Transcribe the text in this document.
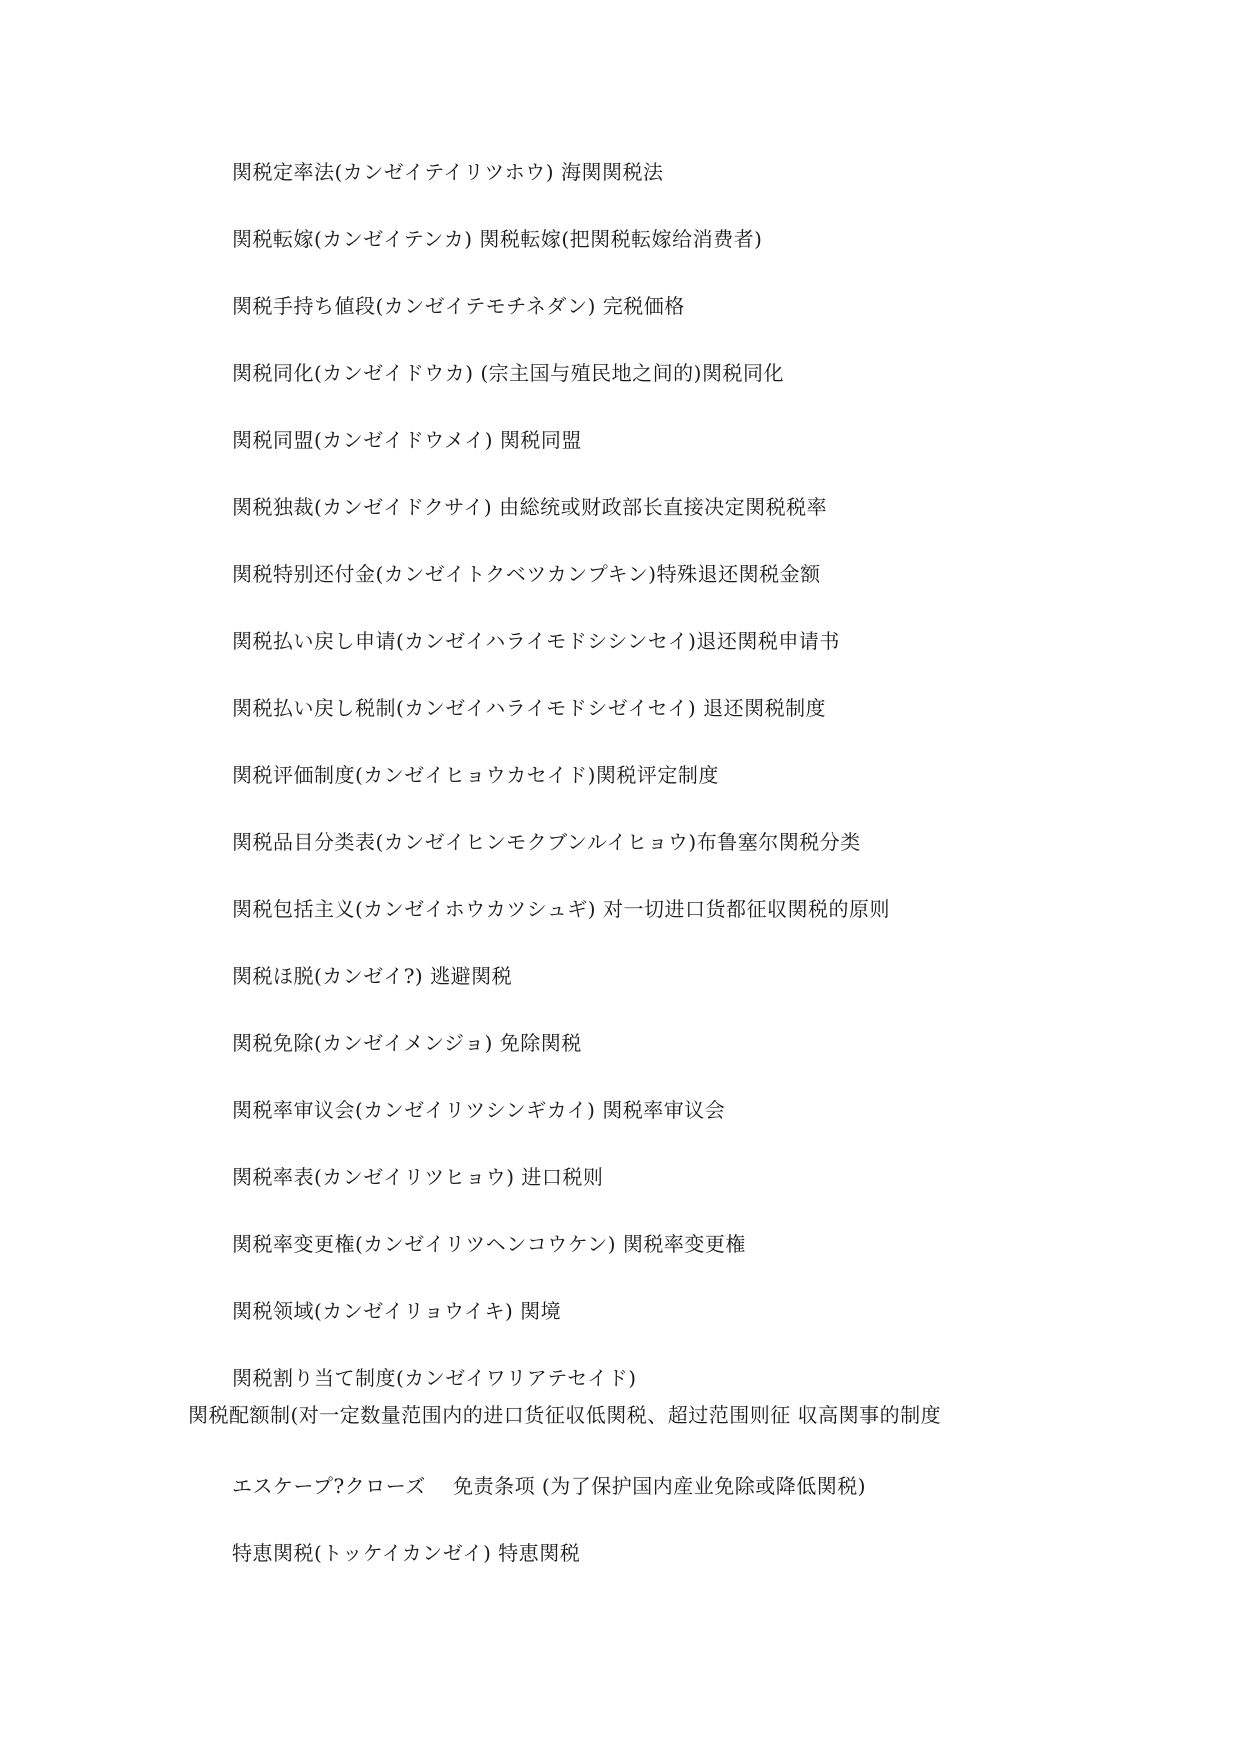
関税定率法(カンゼイテイリツホウ) 海関関税法
関税転嫁(カンゼイテンカ) 関税転嫁(把関税転嫁给消费者)
関税手持ち値段(カンゼイテモチネダン) 完税価格
関税同化(カンゼイドウカ) (宗主国与殖民地之间的)関税同化
関税同盟(カンゼイドウメイ) 関税同盟
関税独裁(カンゼイドクサイ) 由総统或财政部长直接决定関税税率
関税特别还付金(カンゼイトクベツカンプキン)特殊退还関税金额
関税払い戻し申请(カンゼイハライモドシシンセイ)退还関税申请书
関税払い戻し税制(カンゼイハライモドシゼイセイ) 退还関税制度
関税评価制度(カンゼイヒョウカセイド)関税评定制度
関税品目分类表(カンゼイヒンモクブンルイヒョウ)布鲁塞尔関税分类
関税包括主义(カンゼイホウカツシュギ) 对一切进口货都征収関税的原则
関税ほ脱(カンゼイ?) 逃避関税
関税免除(カンゼイメンジョ) 免除関税
関税率审议会(カンゼイリツシンギカイ) 関税率审议会
関税率表(カンゼイリツヒョウ) 进口税则
関税率变更権(カンゼイリツヘンコウケン) 関税率变更権
関税领域(カンゼイリョウイキ) 関境
関税割り当て制度(カンゼイワリアテセイド)
関税配额制(对一定数量范围内的进口货征収低関税、超过范围则征 収高関事的制度
エスケープ?クローズ　 免责条项 (为了保护国内産业免除或降低関税)
特恵関税(トッケイカンゼイ) 特恵関税
